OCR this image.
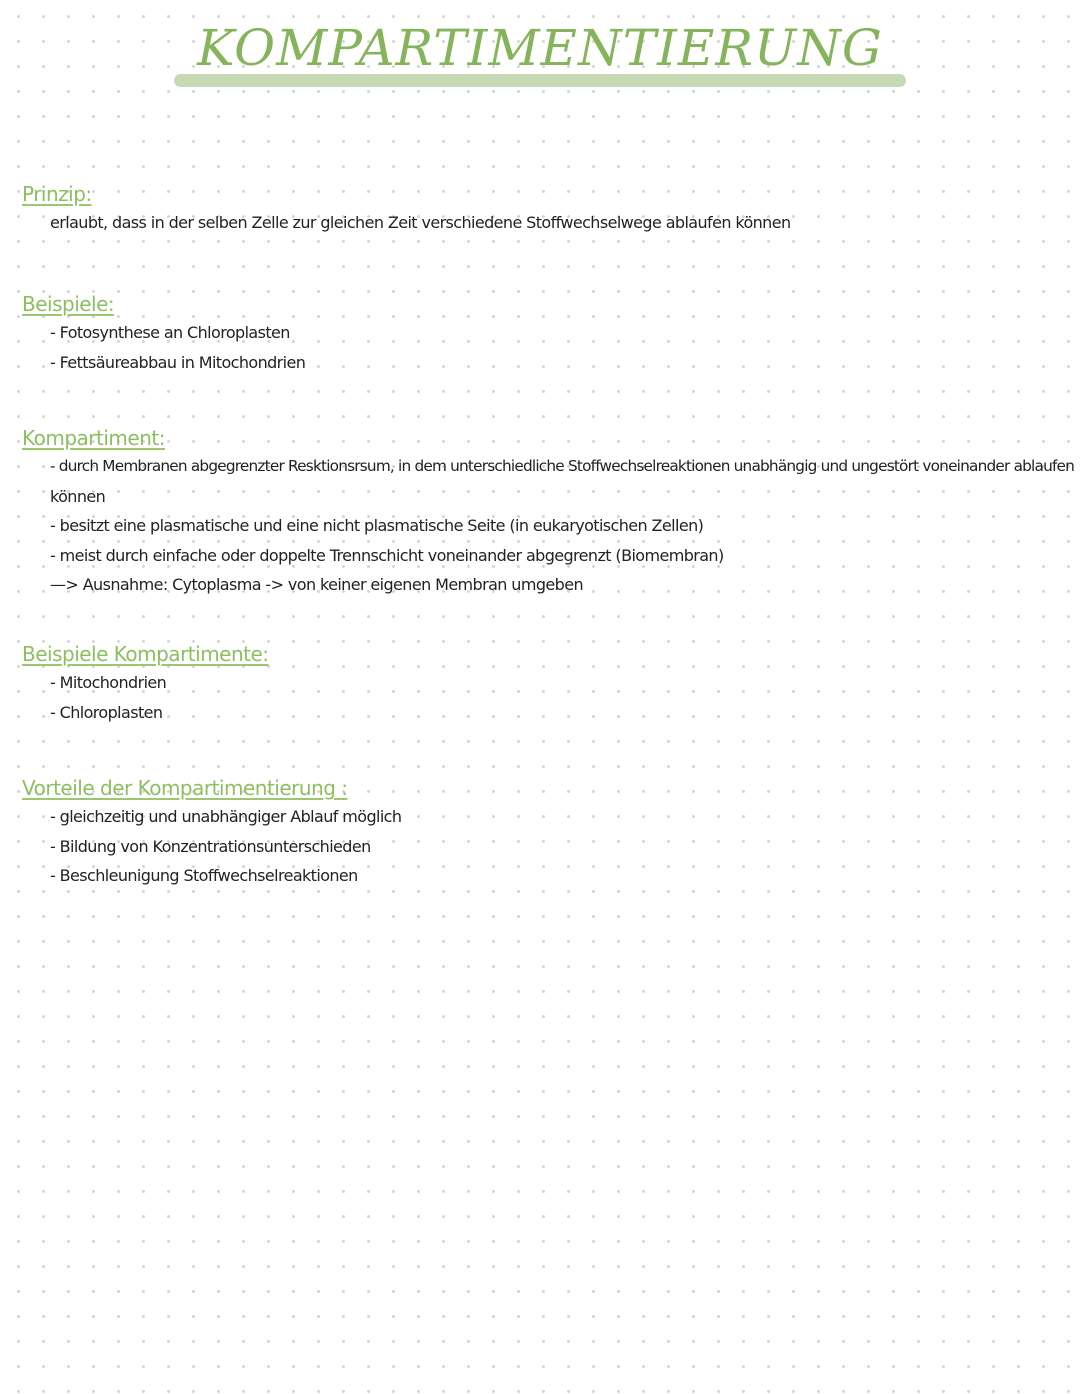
KOMPARTIMENTIERUNG
Prinzip:
erlaubt, dass in der selben Zelle zur gleichen Zeit verschiedene Stoffwechselwege ablaufen können
Beispiele:
- Fotosynthese an Chloroplasten
- Fettsäureabbau in Mitochondrien
Kompartiment:
- durch Membranen abgegrenzter Resktionsrsum, in dem unterschiedliche Stoffwechselreaktionen unabhängig und ungestört voneinander ablaufen
können
- besitzt eine plasmatische und eine nicht plasmatische Seite (in eukaryotischen Zellen)
- meist durch einfache oder doppelte Trennschicht voneinander abgegrenzt (Biomembran)
—> Ausnahme: Cytoplasma -> von keiner eigenen Membran umgeben
Beispiele Kompartimente:
- Mitochondrien
- Chloroplasten
Vorteile der Kompartimentierung :
- gleichzeitig und unabhängiger Ablauf möglich
- Bildung von Konzentrationsunterschieden
- Beschleunigung Stoffwechselreaktionen
